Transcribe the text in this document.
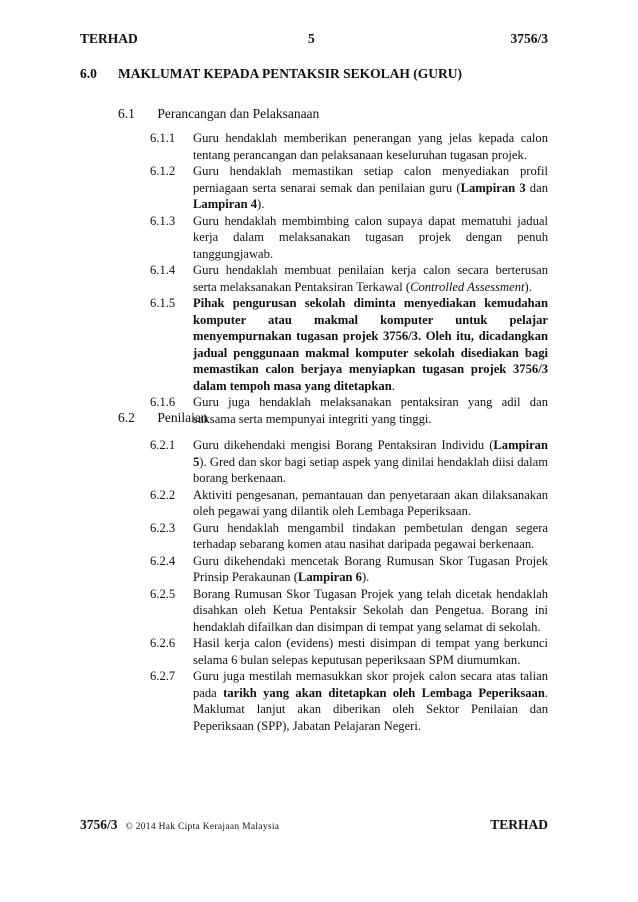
TERHAD	5	3756/3
6.0 MAKLUMAT KEPADA PENTAKSIR SEKOLAH (GURU)
6.1 Perancangan dan Pelaksanaan
6.1.1	Guru hendaklah memberikan penerangan yang jelas kepada calon tentang perancangan dan pelaksanaan keseluruhan tugasan projek.
6.1.2	Guru hendaklah memastikan setiap calon menyediakan profil perniagaan serta senarai semak dan penilaian guru (Lampiran 3 dan Lampiran 4).
6.1.3	Guru hendaklah membimbing calon supaya dapat mematuhi jadual kerja dalam melaksanakan tugasan projek dengan penuh tanggungjawab.
6.1.4	Guru hendaklah membuat penilaian kerja calon secara berterusan serta melaksanakan Pentaksiran Terkawal (Controlled Assessment).
6.1.5	Pihak pengurusan sekolah diminta menyediakan kemudahan komputer atau makmal komputer untuk pelajar menyempurnakan tugasan projek 3756/3. Oleh itu, dicadangkan jadual penggunaan makmal komputer sekolah disediakan bagi memastikan calon berjaya menyiapkan tugasan projek 3756/3 dalam tempoh masa yang ditetapkan.
6.1.6	Guru juga hendaklah melaksanakan pentaksiran yang adil dan saksama serta mempunyai integriti yang tinggi.
6.2 Penilaian
6.2.1	Guru dikehendaki mengisi Borang Pentaksiran Individu (Lampiran 5). Gred dan skor bagi setiap aspek yang dinilai hendaklah diisi dalam borang berkenaan.
6.2.2	Aktiviti pengesanan, pemantauan dan penyetaraan akan dilaksanakan oleh pegawai yang dilantik oleh Lembaga Peperiksaan.
6.2.3	Guru hendaklah mengambil tindakan pembetulan dengan segera terhadap sebarang komen atau nasihat daripada pegawai berkenaan.
6.2.4	Guru dikehendaki mencetak Borang Rumusan Skor Tugasan Projek Prinsip Perakaunan (Lampiran 6).
6.2.5	Borang Rumusan Skor Tugasan Projek yang telah dicetak hendaklah disahkan oleh Ketua Pentaksir Sekolah dan Pengetua. Borang ini hendaklah difailkan dan disimpan di tempat yang selamat di sekolah.
6.2.6	Hasil kerja calon (evidens) mesti disimpan di tempat yang berkunci selama 6 bulan selepas keputusan peperiksaan SPM diumumkan.
6.2.7	Guru juga mestilah memasukkan skor projek calon secara atas talian pada tarikh yang akan ditetapkan oleh Lembaga Peperiksaan. Maklumat lanjut akan diberikan oleh Sektor Penilaian dan Peperiksaan (SPP), Jabatan Pelajaran Negeri.
3756/3 © 2014 Hak Cipta Kerajaan Malaysia	TERHAD
